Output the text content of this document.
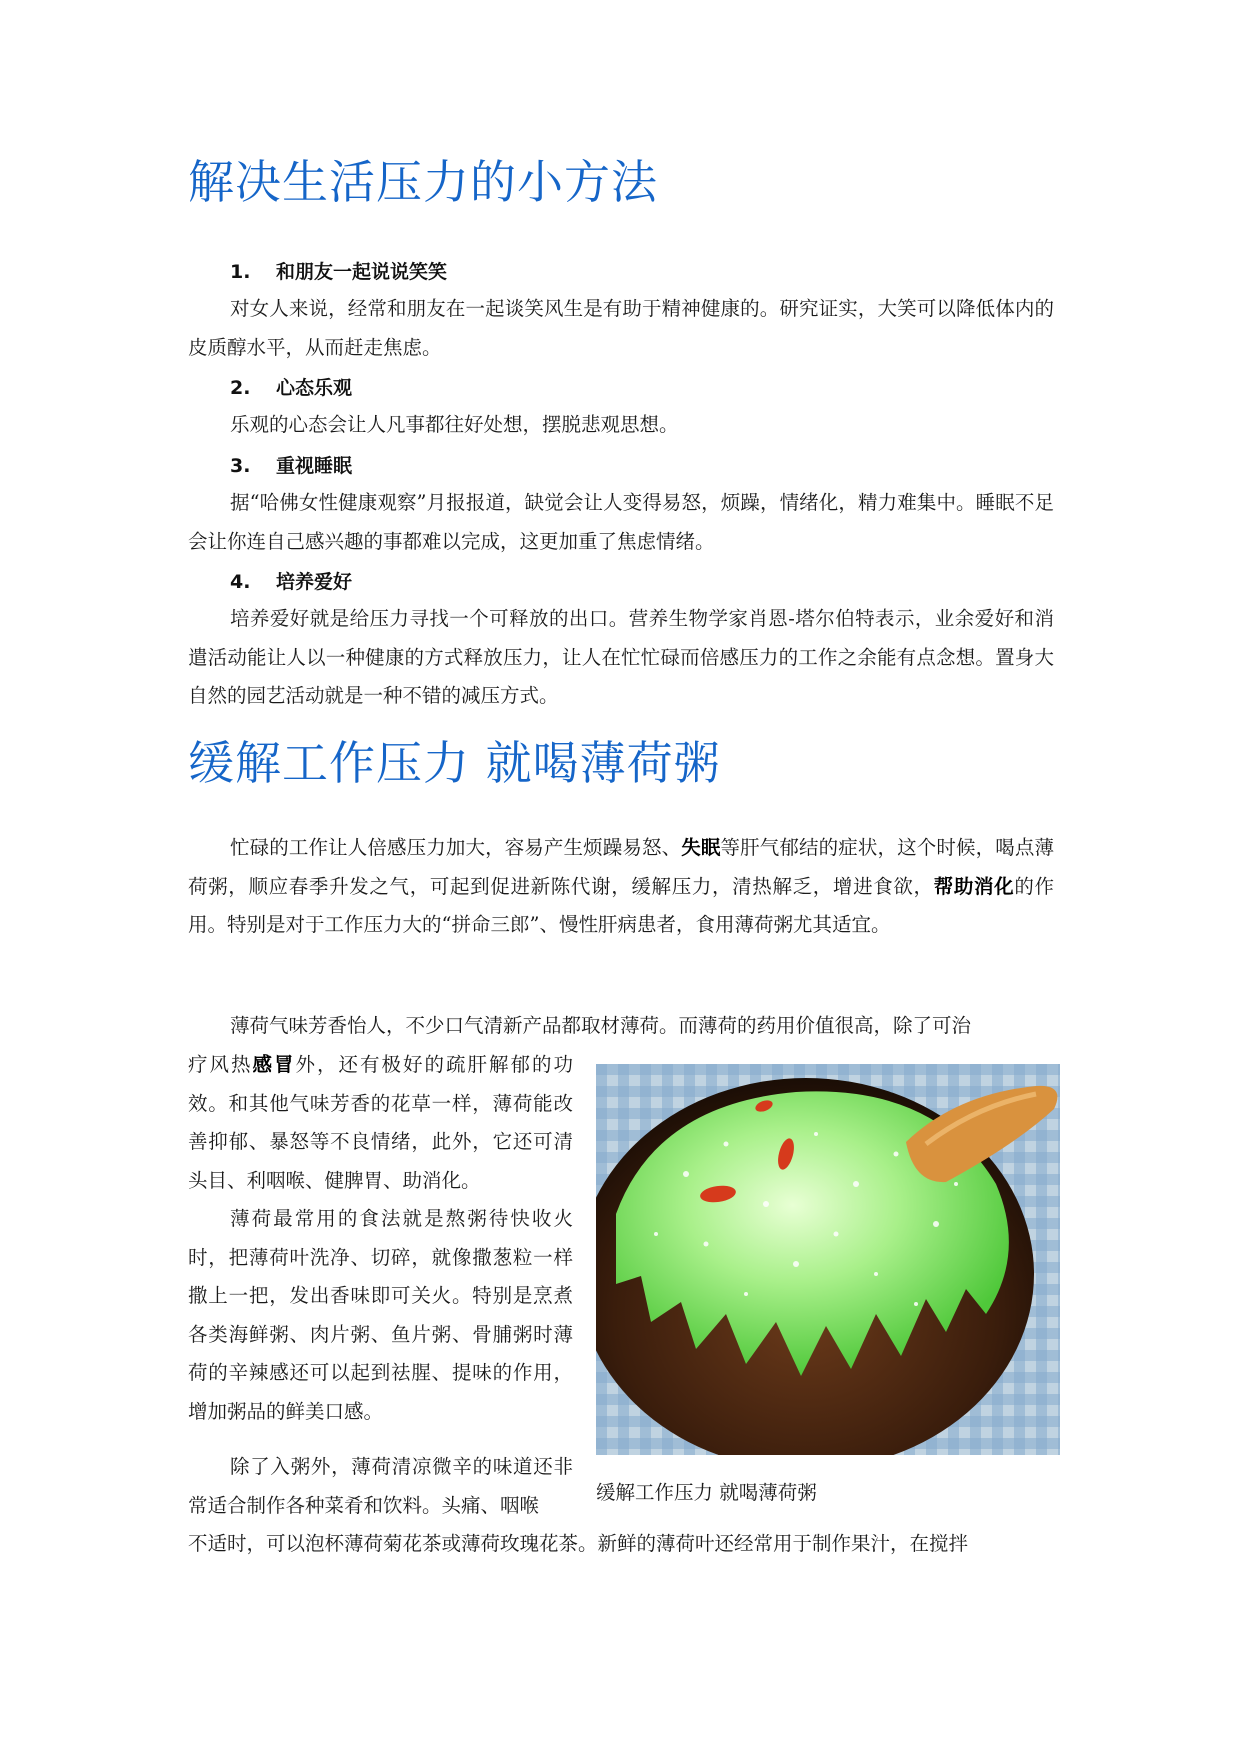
解决生活压力的小方法
1. 和朋友一起说说笑笑

对女人来说，经常和朋友在一起谈笑风生是有助于精神健康的。研究证实，大笑可以降低体内的皮质醇水平，从而赶走焦虑。

2. 心态乐观

乐观的心态会让人凡事都往好处想，摆脱悲观思想。

3. 重视睡眠

据“哈佛女性健康观察”月报报道，缺觉会让人变得易怒，烦躁，情绪化，精力难集中。睡眠不足会让你连自己感兴趣的事都难以完成，这更加重了焦虑情绪。

4. 培养爱好

培养爱好就是给压力寻找一个可释放的出口。营养生物学家肖恩-塔尔伯特表示，业余爱好和消遣活动能让人以一种健康的方式释放压力，让人在忙忙碌而倍感压力的工作之余能有点念想。置身大自然的园艺活动就是一种不错的减压方式。

缓解工作压力 就喝薄荷粥

忙碌的工作让人倍感压力加大，容易产生烦躁易怒、失眠等肝气郁结的症状，这个时候，喝点薄荷粥，顺应春季升发之气，可起到促进新陈代谢，缓解压力，清热解乏，增进食欲，帮助消化的作用。特别是对于工作压力大的“拼命三郎”、慢性肝病患者，食用薄荷粥尤其适宜。

薄荷气味芳香怡人，不少口气清新产品都取材薄荷。而薄荷的药用价值很高，除了可治

疗风热感冒外，还有极好的疏肝解郁的功效。和其他气味芳香的花草一样，薄荷能改善抑郁、暴怒等不良情绪，此外，它还可清头目、利咽喉、健脾胃、助消化。

薄荷最常用的食法就是熬粥待快收火时，把薄荷叶洗净、切碎，就像撒葱粒一样撒上一把，发出香味即可关火。特别是烹煮各类海鲜粥、肉片粥、鱼片粥、骨脯粥时薄荷的辛辣感还可以起到祛腥、提味的作用，增加粥品的鲜美口感。

除了入粥外，薄荷清凉微辛的味道还非常适合制作各种菜肴和饮料。头痛、咽喉

不适时，可以泡杯薄荷菊花茶或薄荷玫瑰花茶。新鲜的薄荷叶还经常用于制作果汁，在搅拌
缓解工作压力 就喝薄荷粥
